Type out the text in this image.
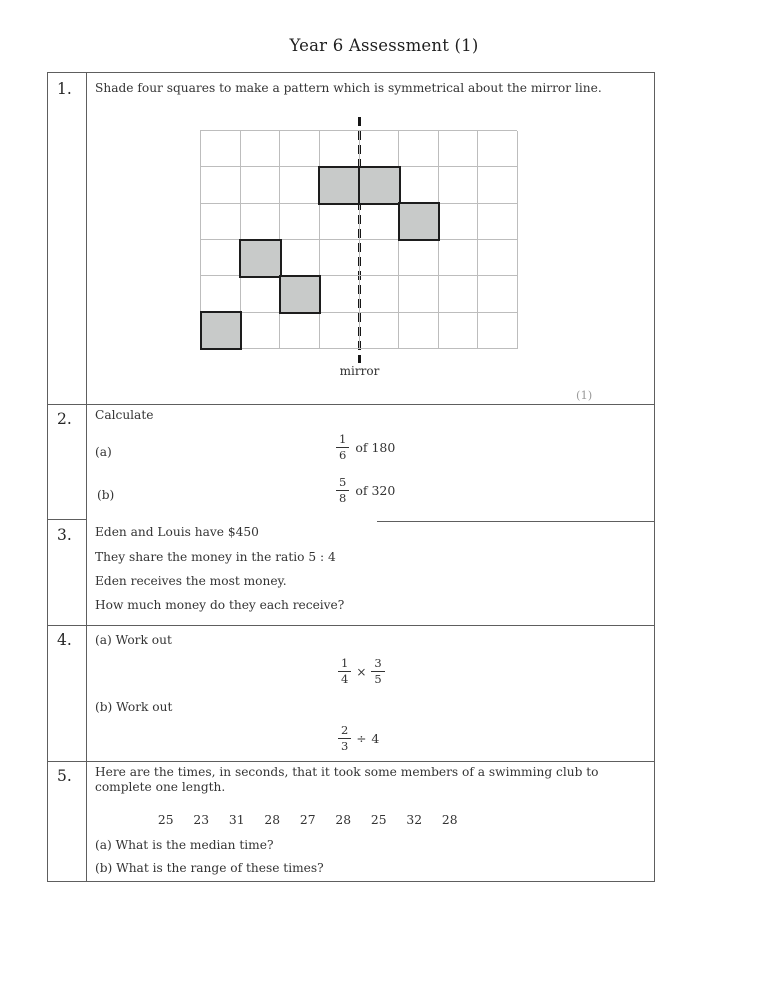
Year 6 Assessment (1)
1. Shade four squares to make a pattern which is symmetrical about the mirror line.
mirror
(1)
2. Calculate
(a)	$\frac{1}{6}$ of 180
(b)	$\frac{5}{8}$ of 320
3. Eden and Louis have $450
They share the money in the ratio 5 : 4
Eden receives the most money.
How much money do they each receive?
4. (a) Work out
$\frac{1}{4} \times \frac{3}{5}$
(b) Work out
$\frac{2}{3} \div 4$
5. Here are the times, in seconds, that it took some members of a swimming club to
complete one length.
25	23	31	28	27	28	25	32	28
(a) What is the median time?
(b) What is the range of these times?
